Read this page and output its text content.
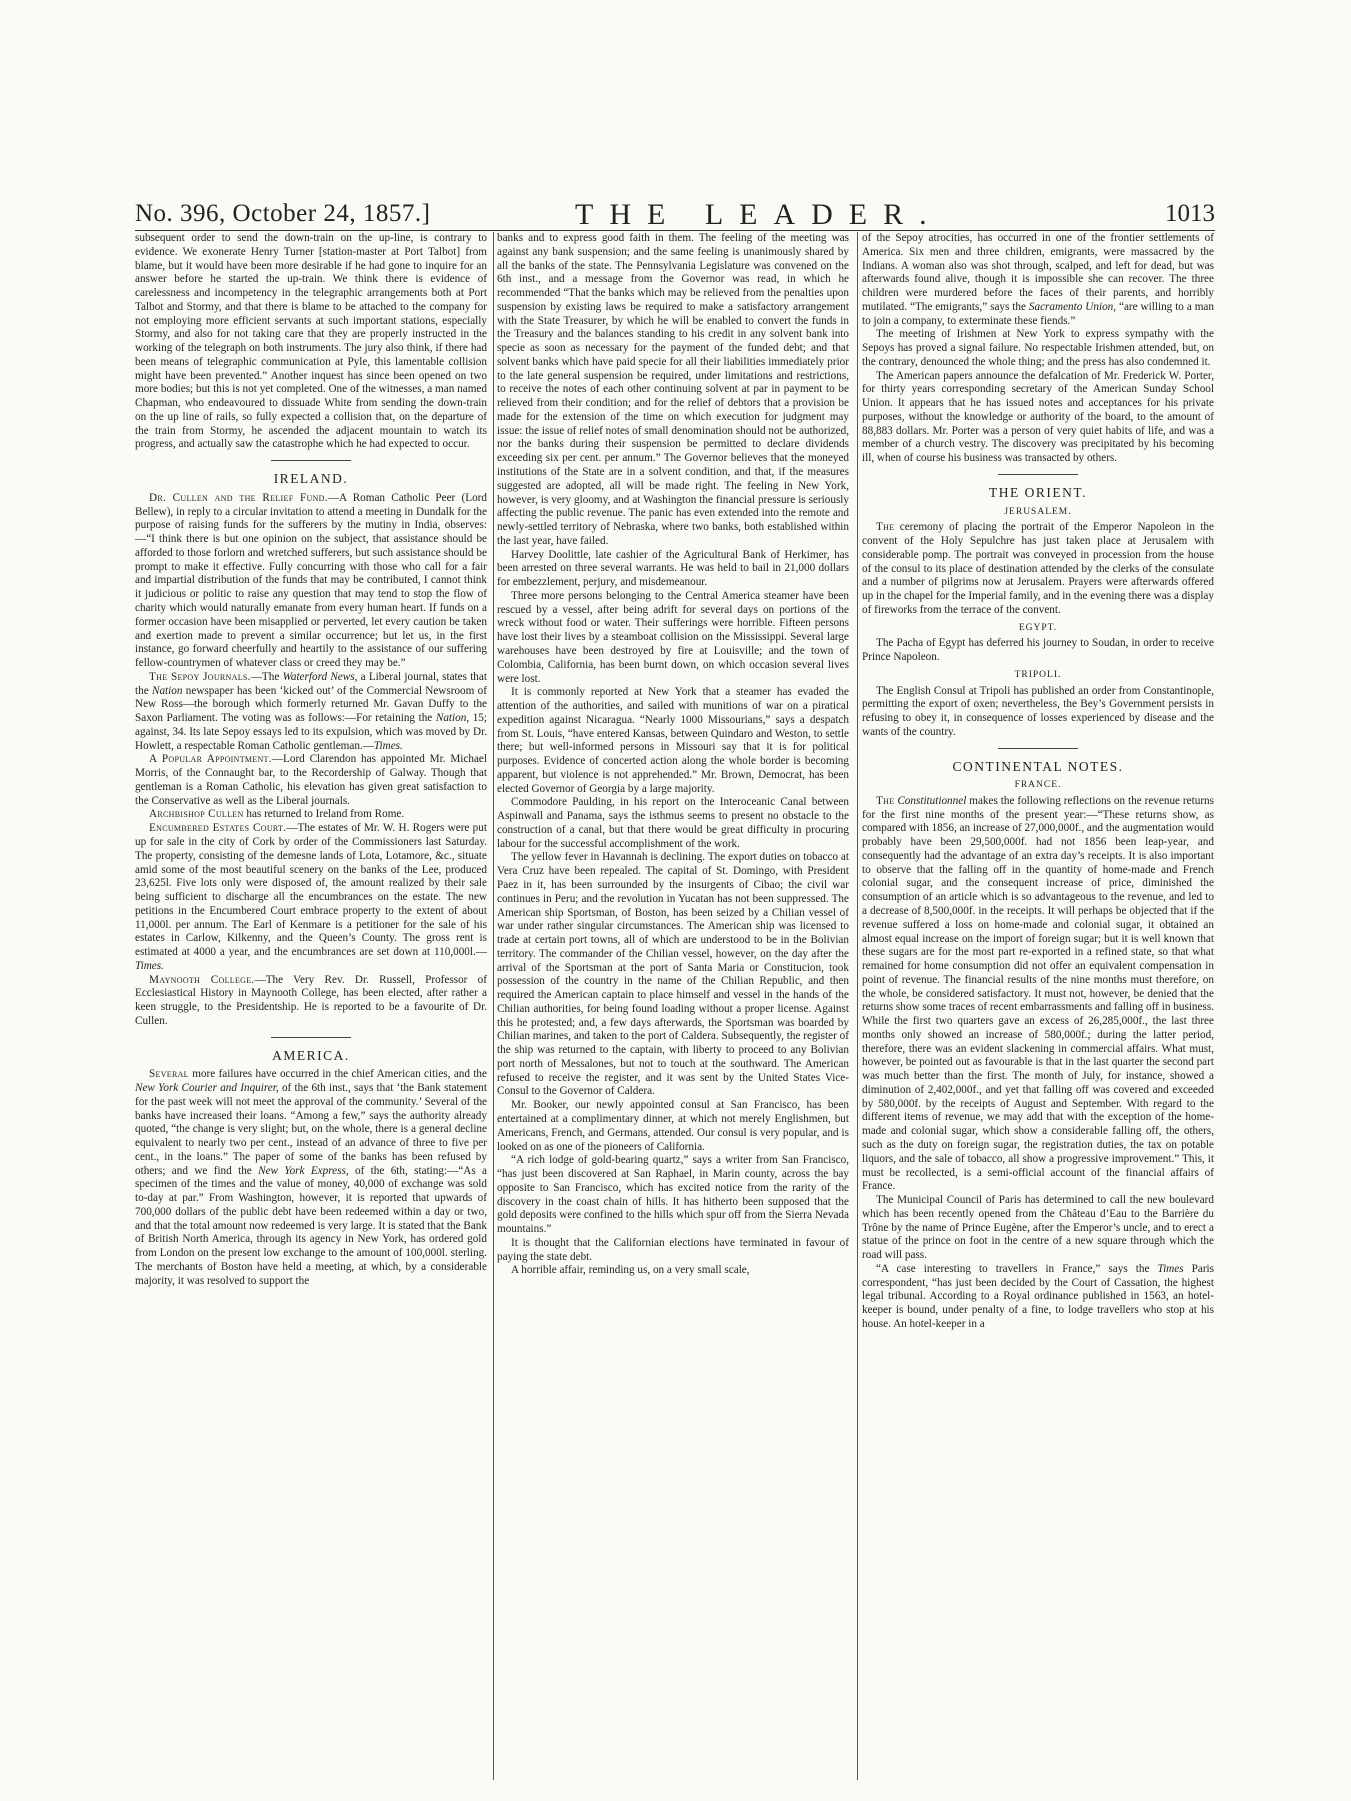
No. 396, October 24, 1857.]	THE LEADER.	1013

subsequent order to send the down-train on the up-line, is contrary to evidence. We exonerate Henry Turner [station-master at Port Talbot] from blame, but it would have been more desirable if he had gone to inquire for an answer before he started the up-train. We think there is evidence of carelessness and incompetency in the telegraphic arrangements both at Port Talbot and Stormy, and that there is blame to be attached to the company for not employing more efficient servants at such important stations, especially Stormy, and also for not taking care that they are properly instructed in the working of the telegraph on both instruments. The jury also think, if there had been means of telegraphic communication at Pyle, this lamentable collision might have been prevented.” Another inquest has since been opened on two more bodies; but this is not yet completed. One of the witnesses, a man named Chapman, who endeavoured to dissuade White from sending the down-train on the up line of rails, so fully expected a collision that, on the departure of the train from Stormy, he ascended the adjacent mountain to watch its progress, and actually saw the catastrophe which he had expected to occur.

IRELAND.

Dr. Cullen and the Relief Fund.—A Roman Catholic Peer (Lord Bellew), in reply to a circular invitation to attend a meeting in Dundalk for the purpose of raising funds for the sufferers by the mutiny in India, observes:—“I think there is but one opinion on the subject, that assistance should be afforded to those forlorn and wretched sufferers, but such assistance should be prompt to make it effective. Fully concurring with those who call for a fair and impartial distribution of the funds that may be contributed, I cannot think it judicious or politic to raise any question that may tend to stop the flow of charity which would naturally emanate from every human heart. If funds on a former occasion have been misapplied or perverted, let every caution be taken and exertion made to prevent a similar occurrence; but let us, in the first instance, go forward cheerfully and heartily to the assistance of our suffering fellow-countrymen of whatever class or creed they may be.”

The Sepoy Journals.—The Waterford News, a Liberal journal, states that the Nation newspaper has been ‘kicked out’ of the Commercial Newsroom of New Ross—the borough which formerly returned Mr. Gavan Duffy to the Saxon Parliament. The voting was as follows:—For retaining the Nation, 15; against, 34. Its late Sepoy essays led to its expulsion, which was moved by Dr. Howlett, a respectable Roman Catholic gentleman.—Times.

A Popular Appointment.—Lord Clarendon has appointed Mr. Michael Morris, of the Connaught bar, to the Recordership of Galway. Though that gentleman is a Roman Catholic, his elevation has given great satisfaction to the Conservative as well as the Liberal journals.

Archbishop Cullen has returned to Ireland from Rome.

Encumbered Estates Court.—The estates of Mr. W. H. Rogers were put up for sale in the city of Cork by order of the Commissioners last Saturday. The property, consisting of the demesne lands of Lota, Lotamore, &c., situate amid some of the most beautiful scenery on the banks of the Lee, produced 23,625l. Five lots only were disposed of, the amount realized by their sale being sufficient to discharge all the encumbrances on the estate. The new petitions in the Encumbered Court embrace property to the extent of about 11,000l. per annum. The Earl of Kenmare is a petitioner for the sale of his estates in Carlow, Kilkenny, and the Queen’s County. The gross rent is estimated at 4000 a year, and the encumbrances are set down at 110,000l.—Times.

Maynooth College.—The Very Rev. Dr. Russell, Professor of Ecclesiastical History in Maynooth College, has been elected, after rather a keen struggle, to the Presidentship. He is reported to be a favourite of Dr. Cullen.

AMERICA.

Several more failures have occurred in the chief American cities, and the New York Courier and Inquirer, of the 6th inst., says that ‘the Bank statement for the past week will not meet the approval of the community.’ Several of the banks have increased their loans. “Among a few,” says the authority already quoted, “the change is very slight; but, on the whole, there is a general decline equivalent to nearly two per cent., instead of an advance of three to five per cent., in the loans.” The paper of some of the banks has been refused by others; and we find the New York Express, of the 6th, stating:—“As a specimen of the times and the value of money, 40,000 of exchange was sold to-day at par.” From Washington, however, it is reported that upwards of 700,000 dollars of the public debt have been redeemed within a day or two, and that the total amount now redeemed is very large. It is stated that the Bank of British North America, through its agency in New York, has ordered gold from London on the present low exchange to the amount of 100,000l. sterling. The merchants of Boston have held a meeting, at which, by a considerable majority, it was resolved to support the

banks and to express good faith in them. The feeling of the meeting was against any bank suspension; and the same feeling is unanimously shared by all the banks of the state. The Pennsylvania Legislature was convened on the 6th inst., and a message from the Governor was read, in which he recommended “That the banks which may be relieved from the penalties upon suspension by existing laws be required to make a satisfactory arrangement with the State Treasurer, by which he will be enabled to convert the funds in the Treasury and the balances standing to his credit in any solvent bank into specie as soon as necessary for the payment of the funded debt; and that solvent banks which have paid specie for all their liabilities immediately prior to the late general suspension be required, under limitations and restrictions, to receive the notes of each other continuing solvent at par in payment to be relieved from their condition; and for the relief of debtors that a provision be made for the extension of the time on which execution for judgment may issue: the issue of relief notes of small denomination should not be authorized, nor the banks during their suspension be permitted to declare dividends exceeding six per cent. per annum.” The Governor believes that the moneyed institutions of the State are in a solvent condition, and that, if the measures suggested are adopted, all will be made right. The feeling in New York, however, is very gloomy, and at Washington the financial pressure is seriously affecting the public revenue. The panic has even extended into the remote and newly-settled territory of Nebraska, where two banks, both established within the last year, have failed.

Harvey Doolittle, late cashier of the Agricultural Bank of Herkimer, has been arrested on three several warrants. He was held to bail in 21,000 dollars for embezzlement, perjury, and misdemeanour.

Three more persons belonging to the Central America steamer have been rescued by a vessel, after being adrift for several days on portions of the wreck without food or water. Their sufferings were horrible. Fifteen persons have lost their lives by a steamboat collision on the Mississippi. Several large warehouses have been destroyed by fire at Louisville; and the town of Colombia, California, has been burnt down, on which occasion several lives were lost.

It is commonly reported at New York that a steamer has evaded the attention of the authorities, and sailed with munitions of war on a piratical expedition against Nicaragua. “Nearly 1000 Missourians,” says a despatch from St. Louis, “have entered Kansas, between Quindaro and Weston, to settle there; but well-informed persons in Missouri say that it is for political purposes. Evidence of concerted action along the whole border is becoming apparent, but violence is not apprehended.” Mr. Brown, Democrat, has been elected Governor of Georgia by a large majority.

Commodore Paulding, in his report on the Interoceanic Canal between Aspinwall and Panama, says the isthmus seems to present no obstacle to the construction of a canal, but that there would be great difficulty in procuring labour for the successful accomplishment of the work.

The yellow fever in Havannah is declining. The export duties on tobacco at Vera Cruz have been repealed. The capital of St. Domingo, with President Paez in it, has been surrounded by the insurgents of Cibao; the civil war continues in Peru; and the revolution in Yucatan has not been suppressed. The American ship Sportsman, of Boston, has been seized by a Chilian vessel of war under rather singular circumstances. The American ship was licensed to trade at certain port towns, all of which are understood to be in the Bolivian territory. The commander of the Chilian vessel, however, on the day after the arrival of the Sportsman at the port of Santa Maria or Constitucion, took possession of the country in the name of the Chilian Republic, and then required the American captain to place himself and vessel in the hands of the Chilian authorities, for being found loading without a proper license. Against this he protested; and, a few days afterwards, the Sportsman was boarded by Chilian marines, and taken to the port of Caldera. Subsequently, the register of the ship was returned to the captain, with liberty to proceed to any Bolivian port north of Messalones, but not to touch at the southward. The American refused to receive the register, and it was sent by the United States Vice-Consul to the Governor of Caldera.

Mr. Booker, our newly appointed consul at San Francisco, has been entertained at a complimentary dinner, at which not merely Englishmen, but Americans, French, and Germans, attended. Our consul is very popular, and is looked on as one of the pioneers of California.

“A rich lodge of gold-bearing quartz,” says a writer from San Francisco, “has just been discovered at San Raphael, in Marin county, across the bay opposite to San Francisco, which has excited notice from the rarity of the discovery in the coast chain of hills. It has hitherto been supposed that the gold deposits were confined to the hills which spur off from the Sierra Nevada mountains.”

It is thought that the Californian elections have terminated in favour of paying the state debt.

A horrible affair, reminding us, on a very small scale,

of the Sepoy atrocities, has occurred in one of the frontier settlements of America. Six men and three children, emigrants, were massacred by the Indians. A woman also was shot through, scalped, and left for dead, but was afterwards found alive, though it is impossible she can recover. The three children were murdered before the faces of their parents, and horribly mutilated. “The emigrants,” says the Sacramento Union, “are willing to a man to join a company, to exterminate these fiends.”

The meeting of Irishmen at New York to express sympathy with the Sepoys has proved a signal failure. No respectable Irishmen attended, but, on the contrary, denounced the whole thing; and the press has also condemned it.

The American papers announce the defalcation of Mr. Frederick W. Porter, for thirty years corresponding secretary of the American Sunday School Union. It appears that he has issued notes and acceptances for his private purposes, without the knowledge or authority of the board, to the amount of 88,883 dollars. Mr. Porter was a person of very quiet habits of life, and was a member of a church vestry. The discovery was precipitated by his becoming ill, when of course his business was transacted by others.

THE ORIENT.
JERUSALEM.

The ceremony of placing the portrait of the Emperor Napoleon in the convent of the Holy Sepulchre has just taken place at Jerusalem with considerable pomp. The portrait was conveyed in procession from the house of the consul to its place of destination attended by the clerks of the consulate and a number of pilgrims now at Jerusalem. Prayers were afterwards offered up in the chapel for the Imperial family, and in the evening there was a display of fireworks from the terrace of the convent.

EGYPT.

The Pacha of Egypt has deferred his journey to Soudan, in order to receive Prince Napoleon.

TRIPOLI.

The English Consul at Tripoli has published an order from Constantinople, permitting the export of oxen; nevertheless, the Bey’s Government persists in refusing to obey it, in consequence of losses experienced by disease and the wants of the country.

CONTINENTAL NOTES.
FRANCE.

The Constitutionnel makes the following reflections on the revenue returns for the first nine months of the present year:—“These returns show, as compared with 1856, an increase of 27,000,000f., and the augmentation would probably have been 29,500,000f. had not 1856 been leap-year, and consequently had the advantage of an extra day’s receipts. It is also important to observe that the falling off in the quantity of home-made and French colonial sugar, and the consequent increase of price, diminished the consumption of an article which is so advantageous to the revenue, and led to a decrease of 8,500,000f. in the receipts. It will perhaps be objected that if the revenue suffered a loss on home-made and colonial sugar, it obtained an almost equal increase on the import of foreign sugar; but it is well known that these sugars are for the most part re-exported in a refined state, so that what remained for home consumption did not offer an equivalent compensation in point of revenue. The financial results of the nine months must therefore, on the whole, be considered satisfactory. It must not, however, be denied that the returns show some traces of recent embarrassments and falling off in business. While the first two quarters gave an excess of 26,285,000f., the last three months only showed an increase of 580,000f.; during the latter period, therefore, there was an evident slackening in commercial affairs. What must, however, be pointed out as favourable is that in the last quarter the second part was much better than the first. The month of July, for instance, showed a diminution of 2,402,000f., and yet that falling off was covered and exceeded by 580,000f. by the receipts of August and September. With regard to the different items of revenue, we may add that with the exception of the home-made and colonial sugar, which show a considerable falling off, the others, such as the duty on foreign sugar, the registration duties, the tax on potable liquors, and the sale of tobacco, all show a progressive improvement.” This, it must be recollected, is a semi-official account of the financial affairs of France.

The Municipal Council of Paris has determined to call the new boulevard which has been recently opened from the Château d’Eau to the Barrière du Trône by the name of Prince Eugène, after the Emperor’s uncle, and to erect a statue of the prince on foot in the centre of a new square through which the road will pass.

“A case interesting to travellers in France,” says the Times Paris correspondent, “has just been decided by the Court of Cassation, the highest legal tribunal. According to a Royal ordinance published in 1563, an hotel-keeper is bound, under penalty of a fine, to lodge travellers who stop at his house. An hotel-keeper in a
